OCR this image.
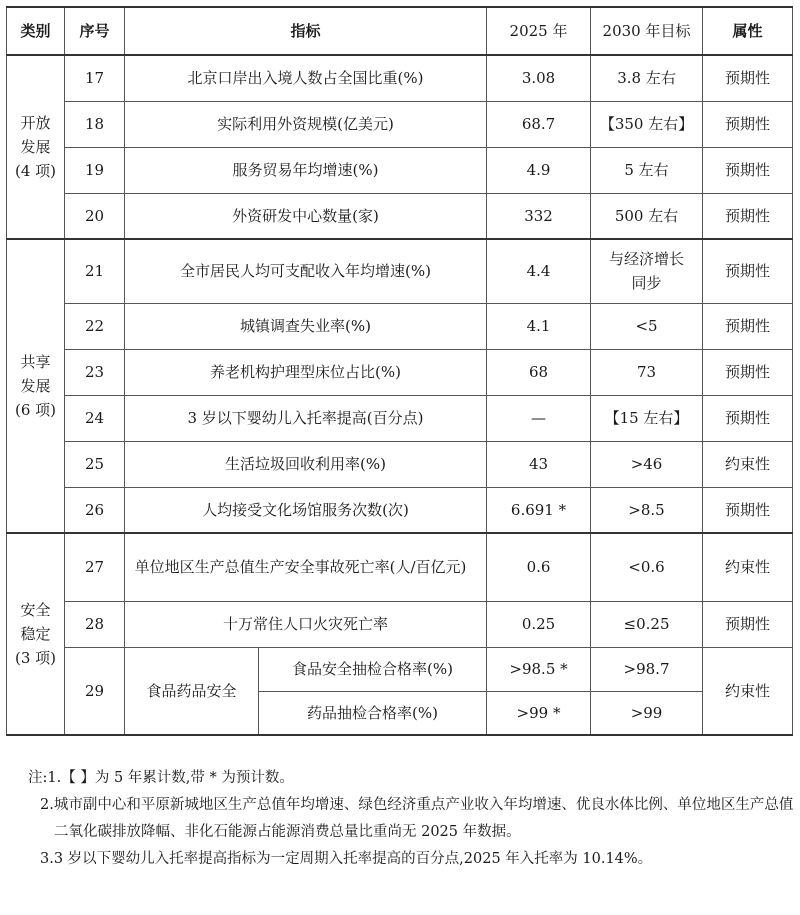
类别	序号	指标		2025 年	2030 年目标	属性

开放
发展
(4 项)	17	北京口岸出入境人数占全国比重(%)		3.08	3.8 左右	预期性
	18	实际利用外资规模(亿美元)		68.7	【350 左右】	预期性
	19	服务贸易年均增速(%)		4.9	5 左右	预期性
	20	外资研发中心数量(家)		332	500 左右	预期性

共享
发展
(6 项)	21	全市居民人均可支配收入年均增速(%)		4.4	与经济增长同步	预期性
	22	城镇调查失业率(%)		4.1	<5	预期性
	23	养老机构护理型床位占比(%)		68	73	预期性
	24	3 岁以下婴幼儿入托率提高(百分点)		—	【15 左右】	预期性
	25	生活垃圾回收利用率(%)		43	>46	约束性
	26	人均接受文化场馆服务次数(次)		6.691 *	>8.5	预期性

安全
稳定
(3 项)	27	单位地区生产总值生产安全事故死亡率(人/百亿元)		0.6	<0.6	约束性
	28	十万常住人口火灾死亡率		0.25	≤0.25	预期性
	29	食品药品安全	食品安全抽检合格率(%)	>98.5 *	>98.7	约束性
			药品抽检合格率(%)	>99 *	>99	
注:1.【 】为 5 年累计数,带 * 为预计数。
2.城市副中心和平原新城地区生产总值年均增速、绿色经济重点产业收入年均增速、优良水体比例、单位地区生产总值二氧化碳排放降幅、非化石能源占能源消费总量比重尚无 2025 年数据。
3.3 岁以下婴幼儿入托率提高指标为一定周期入托率提高的百分点,2025 年入托率为 10.14%。
